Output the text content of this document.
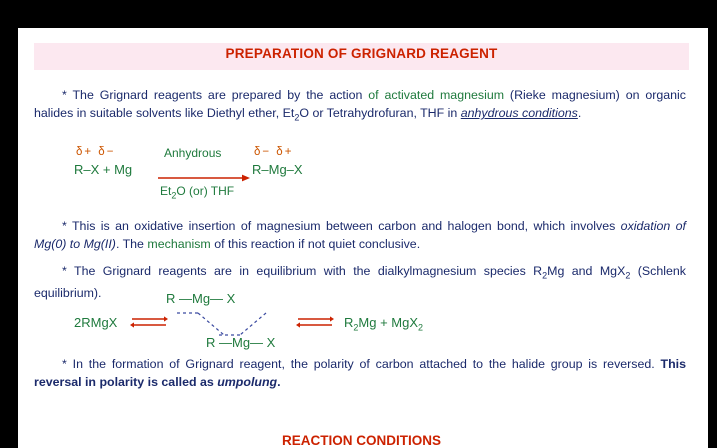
PREPARATION OF GRIGNARD REAGENT
* The Grignard reagents are prepared by the action of activated magnesium (Rieke magnesium) on organic halides in suitable solvents like Diethyl ether, $Et_2O$ or Tetrahydrofuran, THF in anhydrous conditions.
δ+ δ−
R–X + Mg
Anhydrous
$Et_2O$ (or) THF
δ− δ+
R–Mg–X
* This is an oxidative insertion of magnesium between carbon and halogen bond, which involves oxidation of Mg(0) to Mg(II). The mechanism of this reaction if not quiet conclusive.
* The Grignard reagents are in equilibrium with the dialkylmagnesium species $R_2Mg$ and MgX$_2$ (Schlenk equilibrium).
2RMgX
R —Mg— X
R —Mg— X
$R_2Mg + MgX_2$
* In the formation of Grignard reagent, the polarity of carbon attached to the halide group is reversed. This reversal in polarity is called as umpolung.
REACTION CONDITIONS
